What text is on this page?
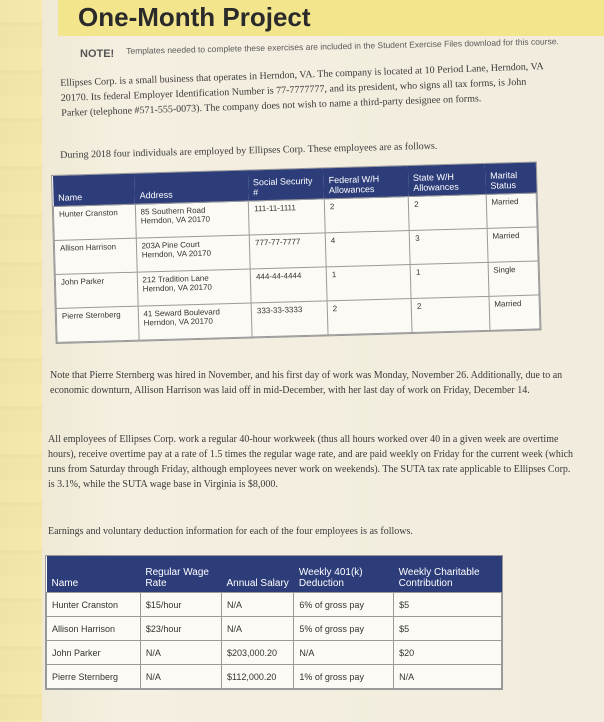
One-Month Project
NOTE! Templates needed to complete these exercises are included in the Student Exercise Files download for this course.
Ellipses Corp. is a small business that operates in Herndon, VA. The company is located at 10 Period Lane, Herndon, VA 20170. Its federal Employer Identification Number is 77-7777777, and its president, who signs all tax forms, is John Parker (telephone #571-555-0073). The company does not wish to name a third-party designee on forms.
During 2018 four individuals are employed by Ellipses Corp. These employees are as follows.
Name	Address	Social Security #	Federal W/H Allowances	State W/H Allowances	Marital Status
Hunter Cranston	85 Southern Road
Herndon, VA 20170	111-11-1111	2	2	Married
Allison Harrison	203A Pine Court
Herndon, VA 20170	777-77-7777	4	3	Married
John Parker	212 Tradition Lane
Herndon, VA 20170	444-44-4444	1	1	Single
Pierre Sternberg	41 Seward Boulevard
Herndon, VA 20170	333-33-3333	2	2	Married
Note that Pierre Sternberg was hired in November, and his first day of work was Monday, November 26. Additionally, due to an economic downturn, Allison Harrison was laid off in mid-December, with her last day of work on Friday, December 14.
All employees of Ellipses Corp. work a regular 40-hour workweek (thus all hours worked over 40 in a given week are overtime hours), receive overtime pay at a rate of 1.5 times the regular wage rate, and are paid weekly on Friday for the current week (which runs from Saturday through Friday, although employees never work on weekends). The SUTA tax rate applicable to Ellipses Corp. is 3.1%, while the SUTA wage base in Virginia is $8,000.
Earnings and voluntary deduction information for each of the four employees is as follows.
Name	Regular Wage Rate	Annual Salary	Weekly 401(k) Deduction	Weekly Charitable Contribution
Hunter Cranston	$15/hour	N/A	6% of gross pay	$5
Allison Harrison	$23/hour	N/A	5% of gross pay	$5
John Parker	N/A	$203,000.20	N/A	$20
Pierre Sternberg	N/A	$112,000.20	1% of gross pay	N/A
